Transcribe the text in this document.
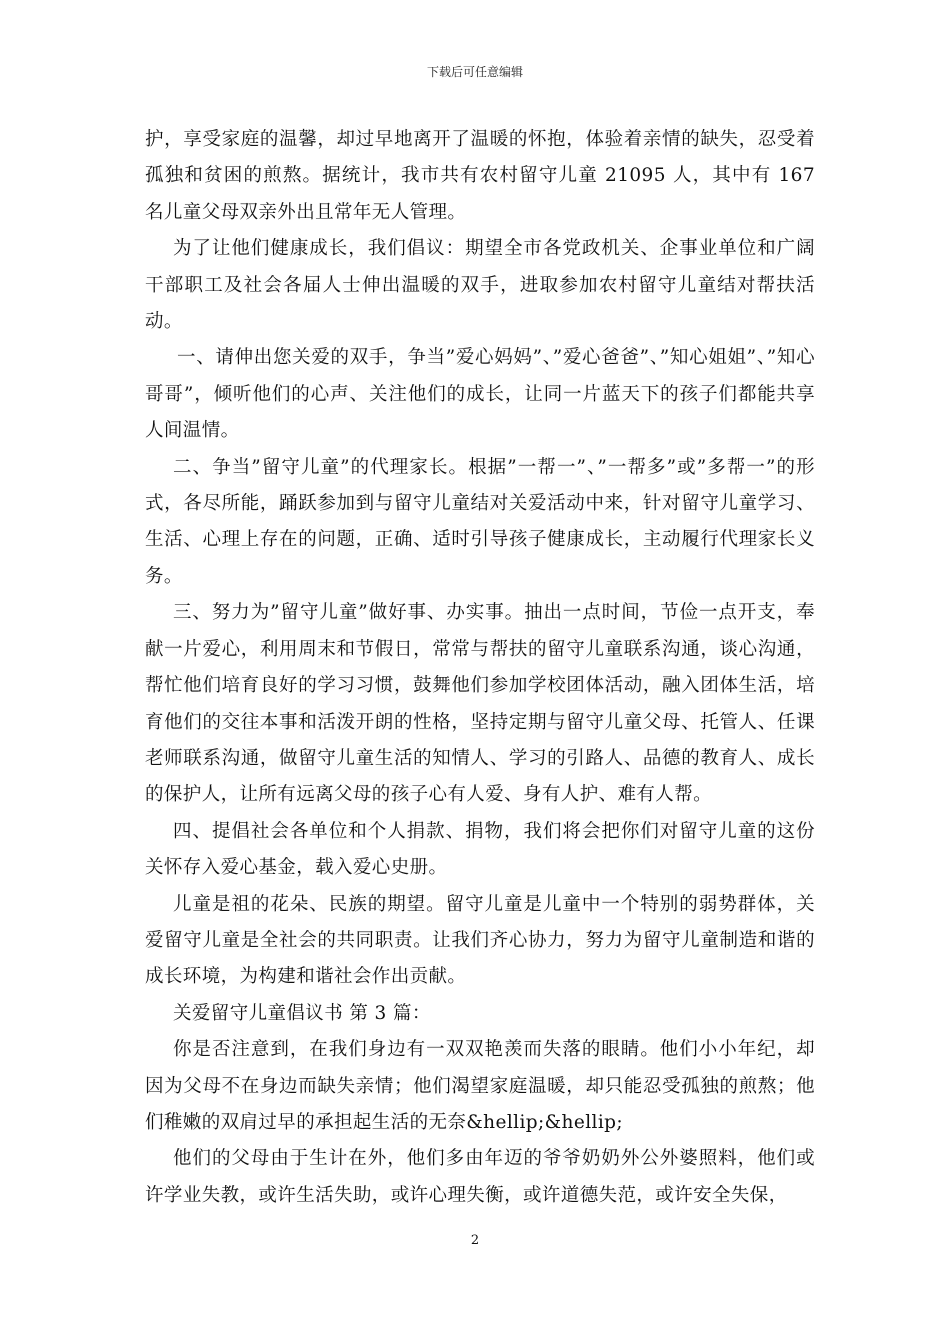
下载后可任意编辑

护，享受家庭的温馨，却过早地离开了温暖的怀抱，体验着亲情的缺失，忍受着孤独和贫困的煎熬。据统计，我市共有农村留守儿童 21095 人，其中有 167 名儿童父母双亲外出且常年无人管理。

为了让他们健康成长，我们倡议：期望全市各党政机关、企事业单位和广阔干部职工及社会各届人士伸出温暖的双手，进取参加农村留守儿童结对帮扶活动。

一、请伸出您关爱的双手，争当”爱心妈妈”、”爱心爸爸”、”知心姐姐”、”知心哥哥”，倾听他们的心声、关注他们的成长，让同一片蓝天下的孩子们都能共享人间温情。

二、争当”留守儿童”的代理家长。根据”一帮一”、”一帮多”或”多帮一”的形式，各尽所能，踊跃参加到与留守儿童结对关爱活动中来，针对留守儿童学习、生活、心理上存在的问题，正确、适时引导孩子健康成长，主动履行代理家长义务。

三、努力为”留守儿童”做好事、办实事。抽出一点时间，节俭一点开支，奉献一片爱心，利用周末和节假日，常常与帮扶的留守儿童联系沟通，谈心沟通，帮忙他们培育良好的学习习惯，鼓舞他们参加学校团体活动，融入团体生活，培育他们的交往本事和活泼开朗的性格，坚持定期与留守儿童父母、托管人、任课老师联系沟通，做留守儿童生活的知情人、学习的引路人、品德的教育人、成长的保护人，让所有远离父母的孩子心有人爱、身有人护、难有人帮。

四、提倡社会各单位和个人捐款、捐物，我们将会把你们对留守儿童的这份关怀存入爱心基金，载入爱心史册。

儿童是祖的花朵、民族的期望。留守儿童是儿童中一个特别的弱势群体，关爱留守儿童是全社会的共同职责。让我们齐心协力，努力为留守儿童制造和谐的成长环境，为构建和谐社会作出贡献。

关爱留守儿童倡议书 第 3 篇：

你是否注意到，在我们身边有一双双艳羡而失落的眼睛。他们小小年纪，却因为父母不在身边而缺失亲情；他们渴望家庭温暖，却只能忍受孤独的煎熬；他们稚嫩的双肩过早的承担起生活的无奈&hellip;&hellip;

他们的父母由于生计在外，他们多由年迈的爷爷奶奶外公外婆照料，他们或许学业失教，或许生活失助，或许心理失衡，或许道德失范，或许安全失保，

2
